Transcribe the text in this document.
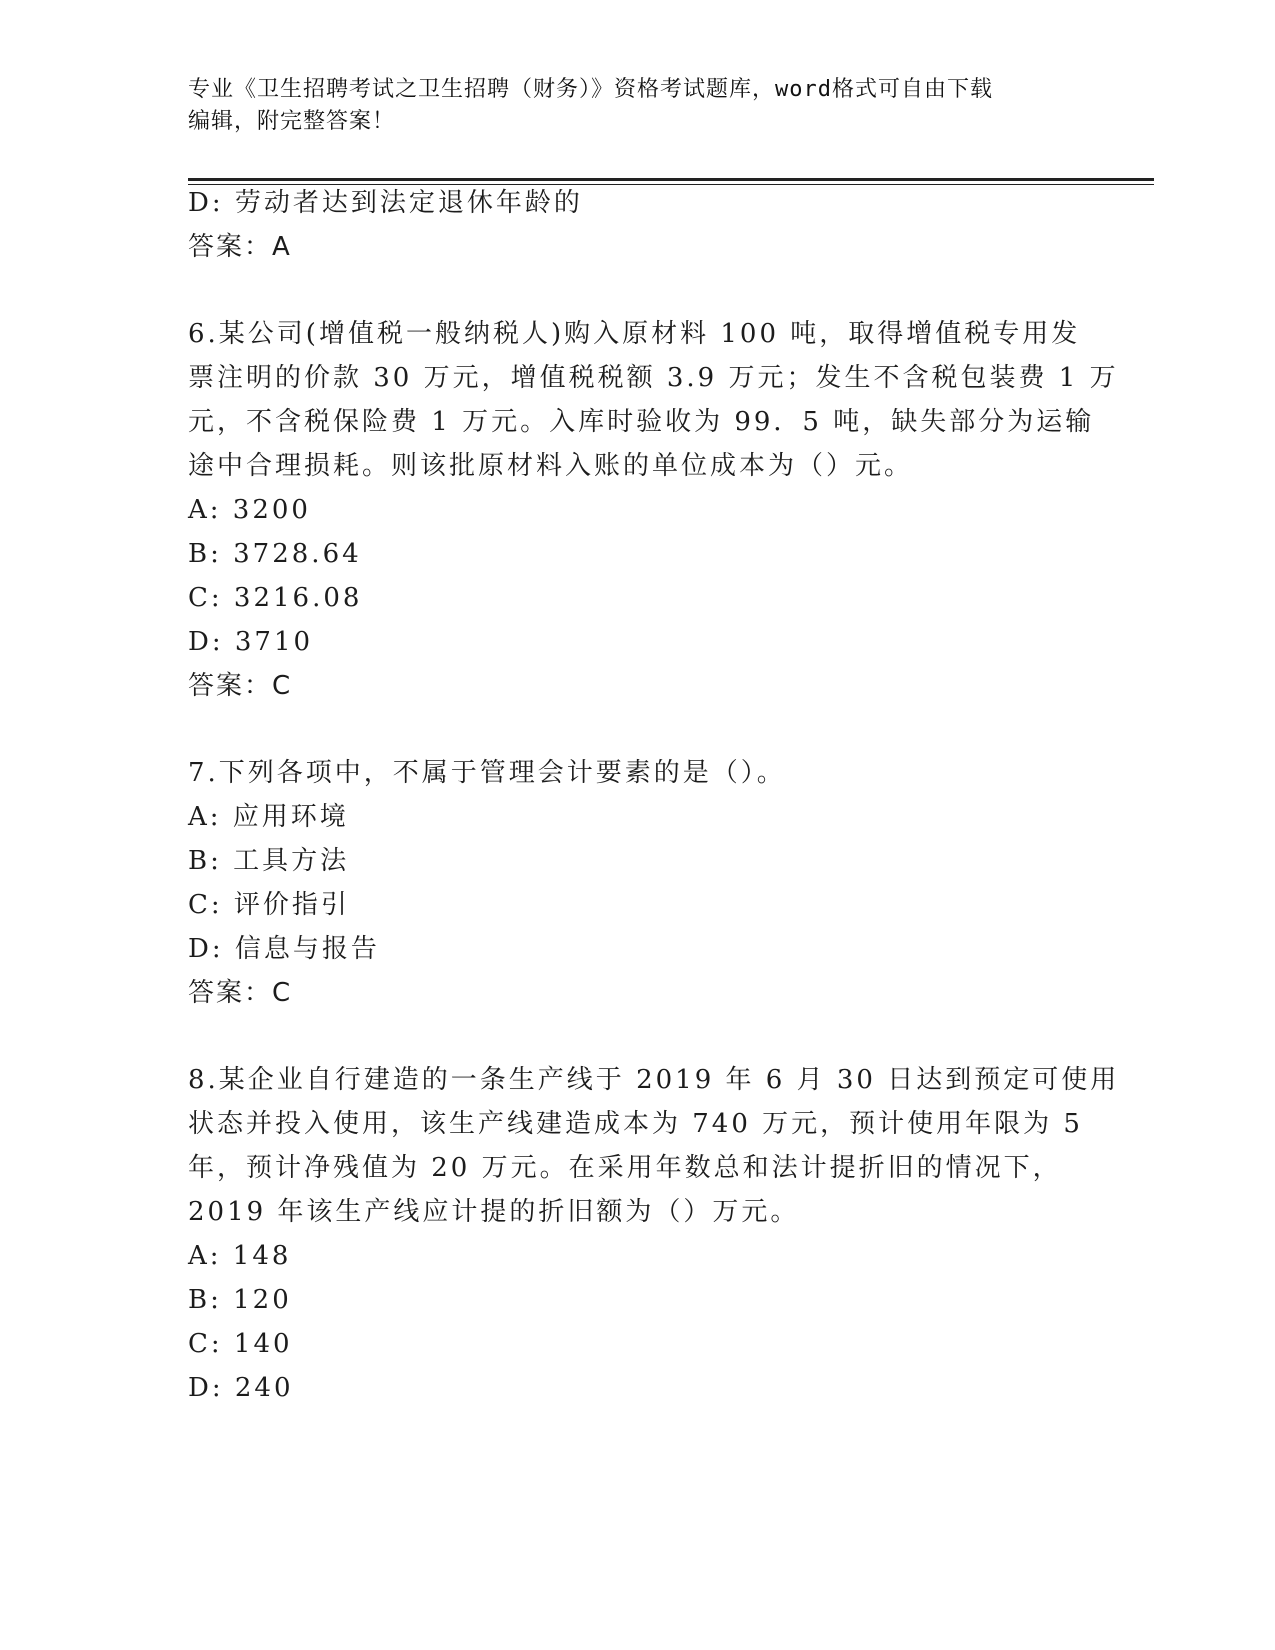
专业《卫生招聘考试之卫生招聘（财务）》资格考试题库，word格式可自由下载
编辑，附完整答案！
D: 劳动者达到法定退休年龄的
答案：A
6.某公司(增值税一般纳税人)购入原材料 100 吨，取得增值税专用发
票注明的价款 30 万元，增值税税额 3.9 万元；发生不含税包装费 1 万
元，不含税保险费 1 万元。入库时验收为 99．5 吨，缺失部分为运输
途中合理损耗。则该批原材料入账的单位成本为（）元。
A: 3200
B: 3728.64
C: 3216.08
D: 3710
答案：C
7.下列各项中，不属于管理会计要素的是（）。
A: 应用环境
B: 工具方法
C: 评价指引
D: 信息与报告
答案：C
8.某企业自行建造的一条生产线于 2019 年 6 月 30 日达到预定可使用
状态并投入使用，该生产线建造成本为 740 万元，预计使用年限为 5
年，预计净残值为 20 万元。在采用年数总和法计提折旧的情况下，
2019 年该生产线应计提的折旧额为（）万元。
A: 148
B: 120
C: 140
D: 240
